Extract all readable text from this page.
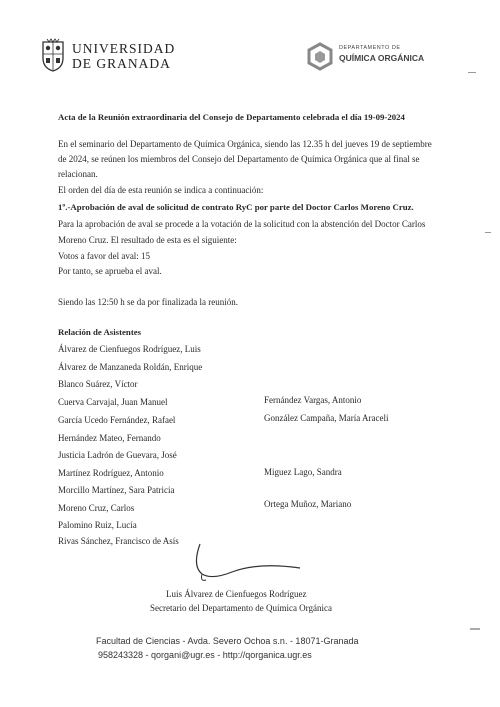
UNIVERSIDAD
DE GRANADA
DEPARTAMENTO DE
QUÍMICA ORGÁNICA
Acta de la Reunión extraordinaria del Consejo de Departamento celebrada el día 19-09-2024
En el seminario del Departamento de Química Orgánica, siendo las 12.35 h del jueves 19 de septiembre
de 2024, se reúnen los miembros del Consejo del Departamento de Química Orgánica que al final se
relacionan.
El orden del día de esta reunión se indica a continuación:
1º.-Aprobación de aval de solicitud de contrato RyC por parte del Doctor Carlos Moreno Cruz.
Para la aprobación de aval se procede a la votación de la solicitud con la abstención del Doctor Carlos
Moreno Cruz. El resultado de esta es el siguiente:
Votos a favor del aval: 15
Por tanto, se aprueba el aval.
Siendo las 12:50 h se da por finalizada la reunión.
Relación de Asistentes
Álvarez de Cienfuegos Rodríguez, Luis
Álvarez de Manzaneda Roldán, Enrique
Blanco Suárez, Víctor
Cuerva Carvajal, Juan Manuel
García Ucedo Fernández, Rafael
Hernández Mateo, Fernando
Justicia Ladrón de Guevara, José
Martínez Rodríguez, Antonio
Morcillo Martínez, Sara Patricia
Moreno Cruz, Carlos
Palomino Ruiz, Lucía
Rivas Sánchez, Francisco de Asís
Fernández Vargas, Antonio
González Campaña, María Araceli
Miguez Lago, Sandra
Ortega Muñoz, Mariano
Luis Álvarez de Cienfuegos Rodríguez
Secretario del Departamento de Química Orgánica
Facultad de Ciencias - Avda. Severo Ochoa s.n. - 18071-Granada
958243328 - qorgani@ugr.es - http://qorganica.ugr.es
